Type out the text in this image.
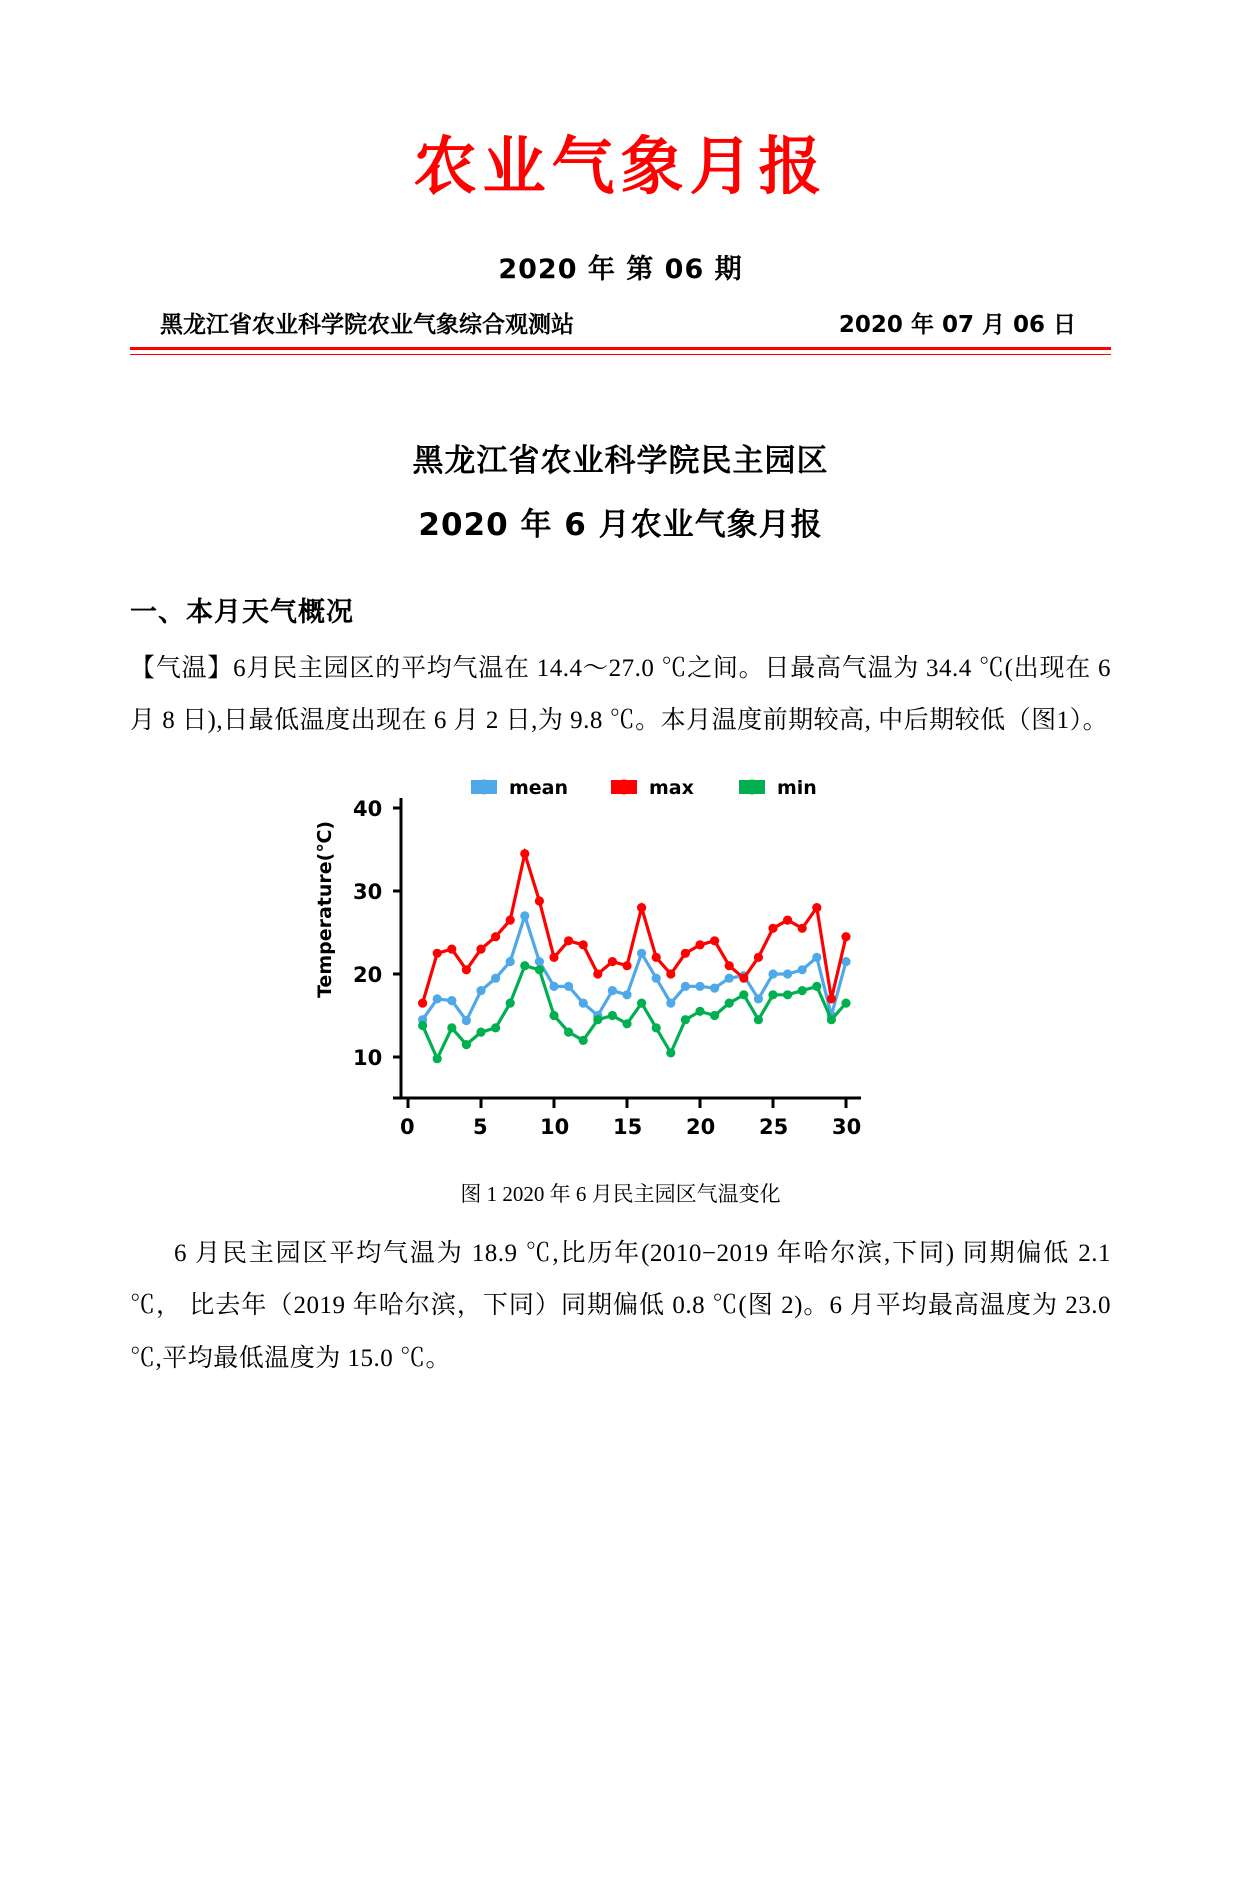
农业气象月报
2020 年 第 06 期
黑龙江省农业科学院农业气象综合观测站	2020 年 07 月 06 日
黑龙江省农业科学院民主园区
2020 年 6 月农业气象月报
一、本月天气概况
【气温】6月民主园区的平均气温在 14.4～27.0 ℃之间。日最高气温为 34.4 ℃(出现在 6 月 8 日),日最低温度出现在 6 月 2 日,为 9.8 ℃。本月温度前期较高, 中后期较低（图1）。
mean	max	min
40
30
20
10
0	5 10 15 20 25 30
Temperature(℃)
图 1 2020 年 6 月民主园区气温变化
6 月民主园区平均气温为 18.9 ℃,比历年(2010−2019 年哈尔滨,下同) 同期偏低 2.1 ℃， 比去年（2019 年哈尔滨，下同）同期偏低 0.8 ℃(图 2)。6 月平均最高温度为 23.0 ℃,平均最低温度为 15.0 ℃。
